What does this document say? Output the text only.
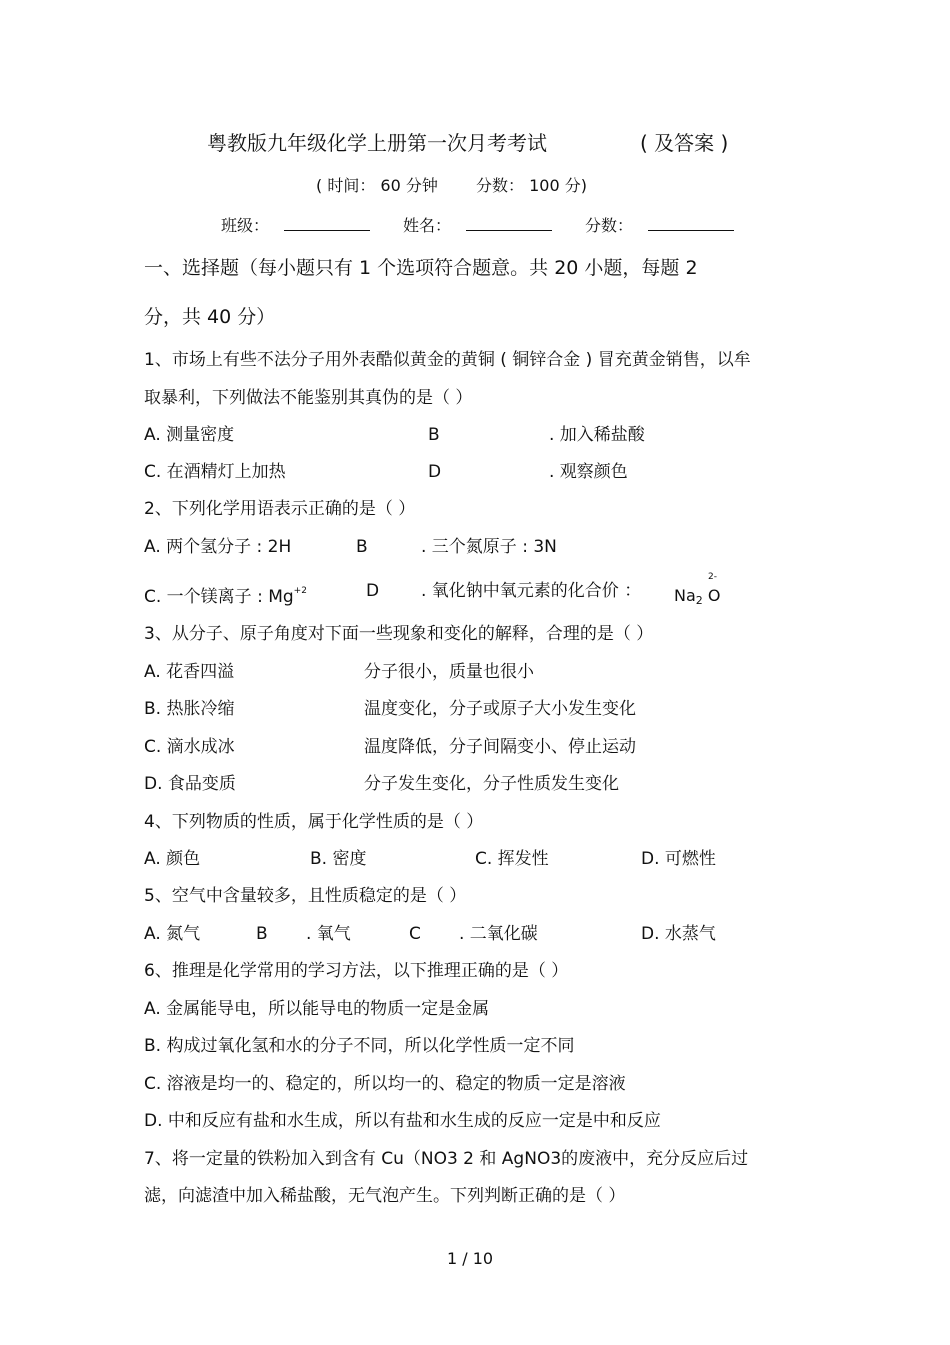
粤教版九年级化学上册第一次月考考试	( 及答案 )
( 时间： 60 分钟 分数： 100 分)
班级：	姓名：	分数：
一、选择题（每小题只有 1 个选项符合题意。共 20 小题，每题 2
分，共 40 分）
1、市场上有些不法分子用外表酷似黄金的黄铜 ( 铜锌合金 ) 冒充黄金销售，以牟
取暴利，下列做法不能鉴别其真伪的是（ ）
A. 测量密度	B	. 加入稀盐酸
C. 在酒精灯上加热	D	. 观察颜色
2、下列化学用语表示正确的是（ ）
A. 两个氢分子 : 2H	B	. 三个氮原子 : 3N
C. 一个镁离子 : $Mg^{+2}$	D . 氧化钠中氧元素的化合价 ： $Na_2$ O
2-
3、从分子、原子角度对下面一些现象和变化的解释，合理的是（ ）
A. 花香四溢	分子很小，质量也很小
B. 热胀冷缩	温度变化，分子或原子大小发生变化
C. 滴水成冰	温度降低，分子间隔变小、停止运动
D. 食品变质	分子发生变化，分子性质发生变化
4、下列物质的性质，属于化学性质的是（ ）
A. 颜色	B. 密度	C. 挥发性	D. 可燃性
5、空气中含量较多，且性质稳定的是（ ）
A. 氮气	B . 氧气	C . 二氧化碳	D. 水蒸气
6、推理是化学常用的学习方法，以下推理正确的是（ ）
A. 金属能导电，所以能导电的物质一定是金属
B. 构成过氧化氢和水的分子不同，所以化学性质一定不同
C. 溶液是均一的、稳定的，所以均一的、稳定的物质一定是溶液
D. 中和反应有盐和水生成，所以有盐和水生成的反应一定是中和反应
7、将一定量的铁粉加入到含有 Cu（NO3 2 和 AgNO3的废液中，充分反应后过
滤，向滤渣中加入稀盐酸，无气泡产生。下列判断正确的是（ ）
1 / 10
